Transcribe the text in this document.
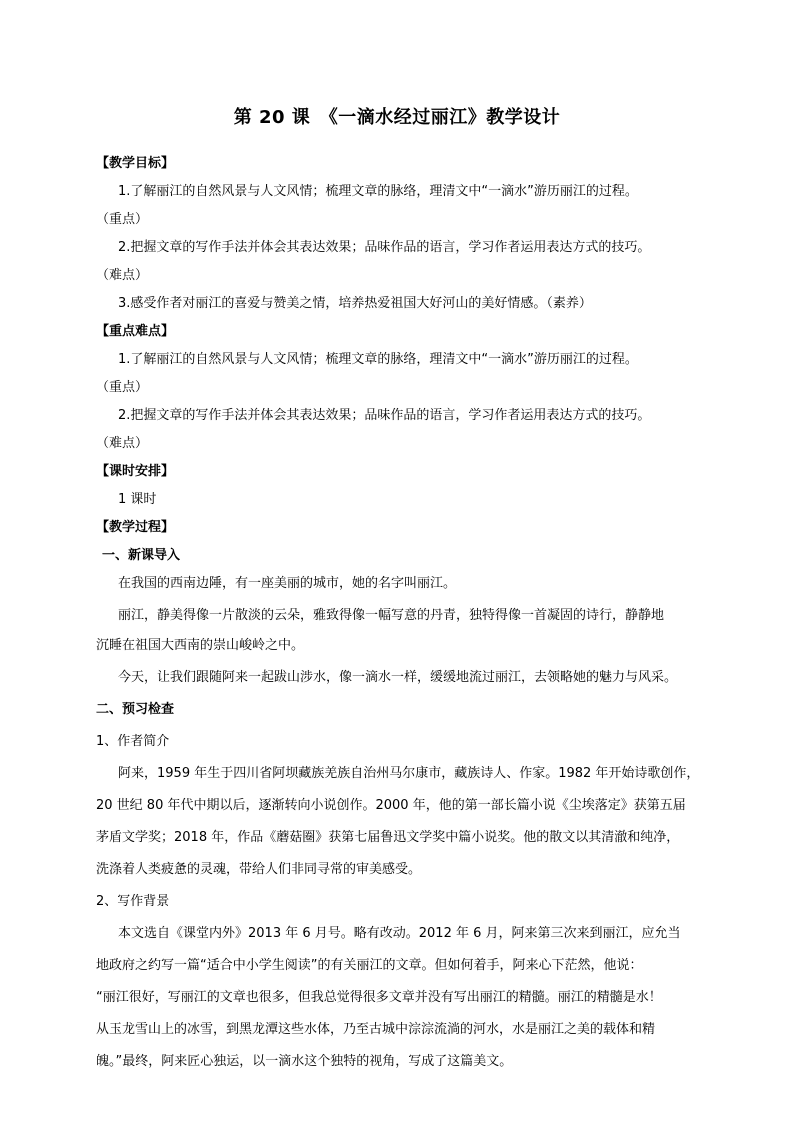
第 20 课　《一滴水经过丽江》教学设计
【教学目标】
1.了解丽江的自然风景与人文风情；梳理文章的脉络，理清文中“一滴水”游历丽江的过程。
（重点）
2.把握文章的写作手法并体会其表达效果；品味作品的语言，学习作者运用表达方式的技巧。
（难点）
3.感受作者对丽江的喜爱与赞美之情，培养热爱祖国大好河山的美好情感。（素养）
【重点难点】
1.了解丽江的自然风景与人文风情；梳理文章的脉络，理清文中“一滴水”游历丽江的过程。
（重点）
2.把握文章的写作手法并体会其表达效果；品味作品的语言，学习作者运用表达方式的技巧。
（难点）
【课时安排】
1 课时
【教学过程】
一、新课导入
在我国的西南边陲，有一座美丽的城市，她的名字叫丽江。
丽江，静美得像一片散淡的云朵，雅致得像一幅写意的丹青，独特得像一首凝固的诗行，静静地
沉睡在祖国大西南的崇山峻岭之中。
今天，让我们跟随阿来一起跋山涉水，像一滴水一样，缓缓地流过丽江，去领略她的魅力与风采。
二、预习检查
1、作者简介
阿来，1959 年生于四川省阿坝藏族羌族自治州马尔康市，藏族诗人、作家。1982 年开始诗歌创作，
20 世纪 80 年代中期以后，逐渐转向小说创作。2000 年，他的第一部长篇小说《尘埃落定》获第五届
茅盾文学奖；2018 年，作品《蘑菇圈》获第七届鲁迅文学奖中篇小说奖。他的散文以其清澈和纯净，
洗涤着人类疲惫的灵魂，带给人们非同寻常的审美感受。
2、写作背景
本文选自《课堂内外》2013 年 6 月号。略有改动。2012 年 6 月，阿来第三次来到丽江，应允当
地政府之约写一篇“适合中小学生阅读”的有关丽江的文章。但如何着手，阿来心下茫然，他说：
“丽江很好，写丽江的文章也很多，但我总觉得很多文章并没有写出丽江的精髓。丽江的精髓是水！
从玉龙雪山上的冰雪，到黑龙潭这些水体，乃至古城中淙淙流淌的河水，水是丽江之美的载体和精
魄。”最终，阿来匠心独运，以一滴水这个独特的视角，写成了这篇美文。
